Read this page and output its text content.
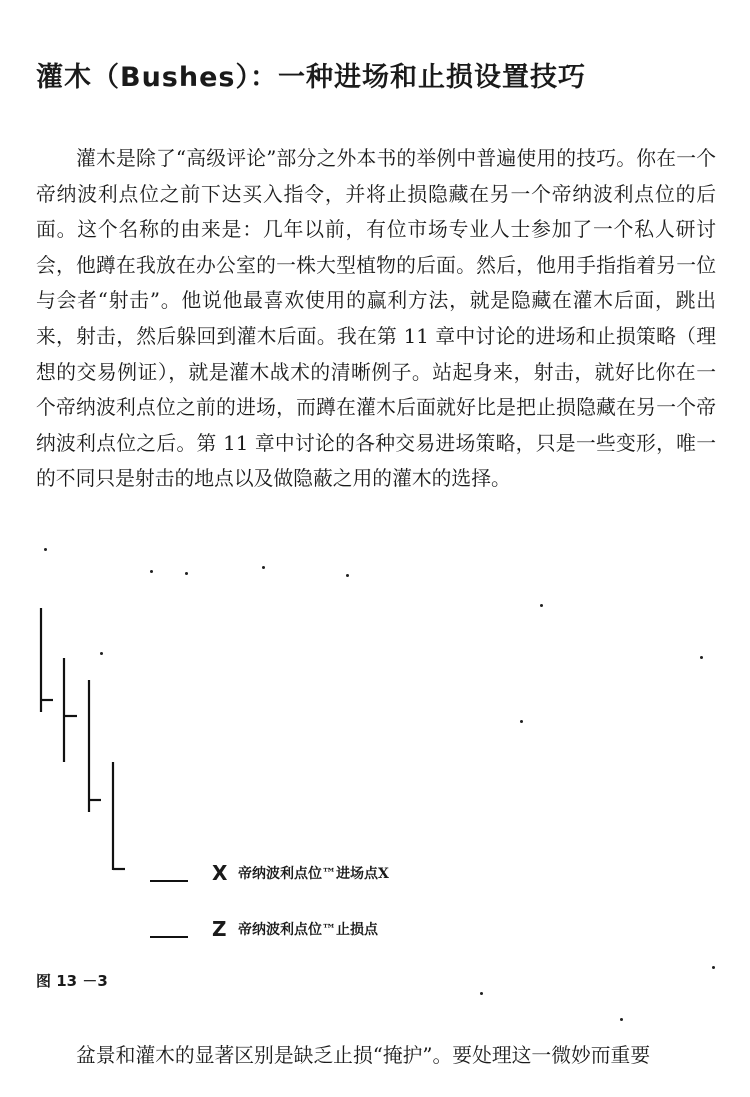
灌木（Bushes）：一种进场和止损设置技巧

灌木是除了“高级评论”部分之外本书的举例中普遍使用的技巧。你在一个帝纳波利点位之前下达买入指令，并将止损隐藏在另一个帝纳波利点位的后面。这个名称的由来是：几年以前，有位市场专业人士参加了一个私人研讨会，他蹲在我放在办公室的一株大型植物的后面。然后，他用手指指着另一位与会者“射击”。他说他最喜欢使用的赢利方法，就是隐藏在灌木后面，跳出来，射击，然后躲回到灌木后面。我在第 11 章中讨论的进场和止损策略（理想的交易例证），就是灌木战术的清晰例子。站起身来，射击，就好比你在一个帝纳波利点位之前的进场，而蹲在灌木后面就好比是把止损隐藏在另一个帝纳波利点位之后。第 11 章中讨论的各种交易进场策略，只是一些变形，唯一的不同只是射击的地点以及做隐蔽之用的灌木的选择。

X 帝纳波利点位™进场点X
Z 帝纳波利点位™止损点
图 13 －3

盆景和灌木的显著区别是缺乏止损“掩护”。要处理这一微妙而重要
